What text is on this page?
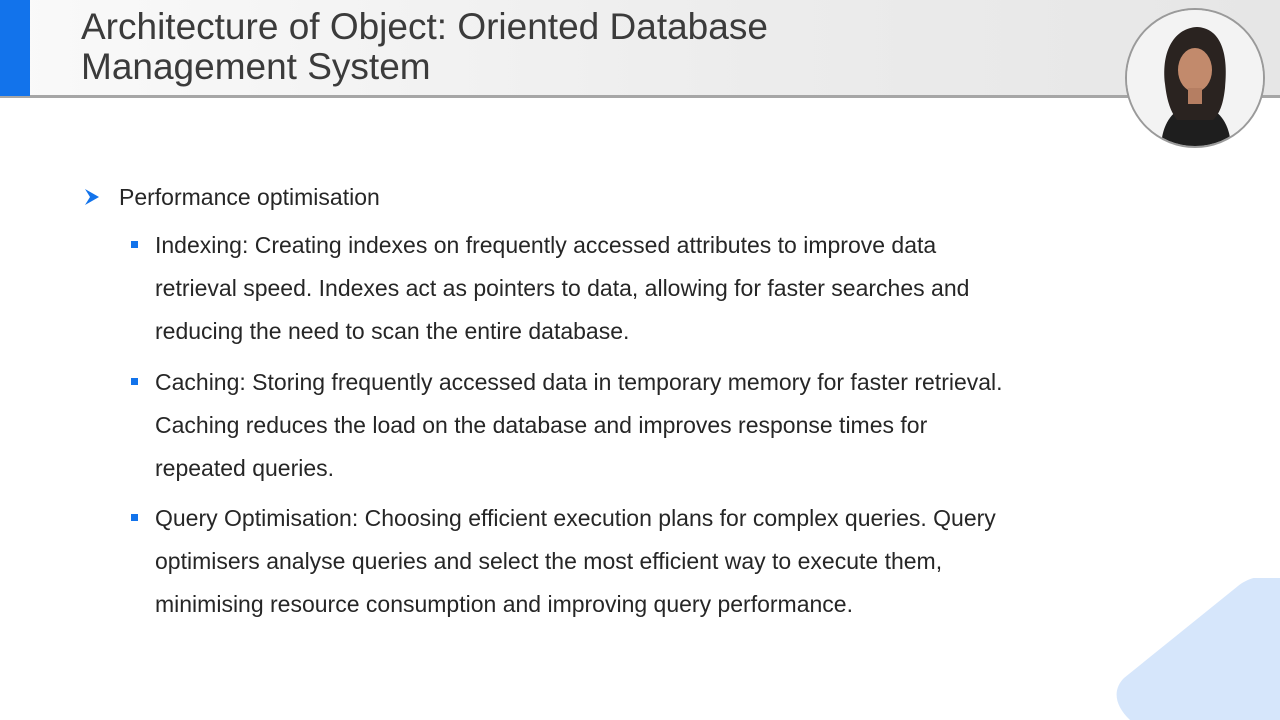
Architecture of Object: Oriented Database
Management System
Performance optimisation
Indexing: Creating indexes on frequently accessed attributes to improve data
retrieval speed. Indexes act as pointers to data, allowing for faster searches and
reducing the need to scan the entire database.
Caching: Storing frequently accessed data in temporary memory for faster retrieval.
Caching reduces the load on the database and improves response times for
repeated queries.
Query Optimisation: Choosing efficient execution plans for complex queries. Query
optimisers analyse queries and select the most efficient way to execute them,
minimising resource consumption and improving query performance.
